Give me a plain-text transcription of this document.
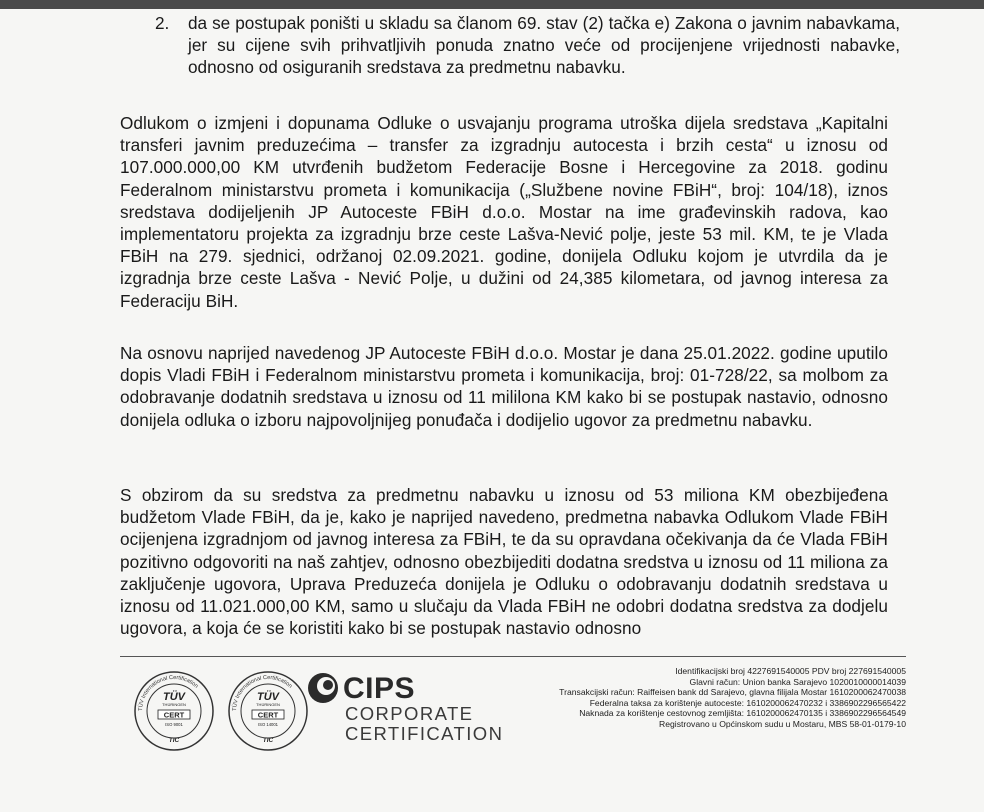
2. da se postupak poništi u skladu sa članom 69. stav (2) tačka e) Zakona o javnim nabavkama, jer su cijene svih prihvatljivih ponuda znatno veće od procijenjene vrijednosti nabavke, odnosno od osiguranih sredstava za predmetnu nabavku.

Odlukom o izmjeni i dopunama Odluke o usvajanju programa utroška dijela sredstava „Kapitalni transferi javnim preduzećima – transfer za izgradnju autocesta i brzih cesta“ u iznosu od 107.000.000,00 KM utvrđenih budžetom Federacije Bosne i Hercegovine za 2018. godinu Federalnom ministarstvu prometa i komunikacija („Službene novine FBiH“, broj: 104/18), iznos sredstava dodijeljenih JP Autoceste FBiH d.o.o. Mostar na ime građevinskih radova, kao implementatoru projekta za izgradnju brze ceste Lašva-Nević polje, jeste 53 mil. KM, te je Vlada FBiH na 279. sjednici, održanoj 02.09.2021. godine, donijela Odluku kojom je utvrdila da je izgradnja brze ceste Lašva - Nević Polje, u dužini od 24,385 kilometara, od javnog interesa za Federaciju BiH.

Na osnovu naprijed navedenog JP Autoceste FBiH d.o.o. Mostar je dana 25.01.2022. godine uputilo dopis Vladi FBiH i Federalnom ministarstvu prometa i komunikacija, broj: 01-728/22, sa molbom za odobravanje dodatnih sredstava u iznosu od 11 mililona KM kako bi se postupak nastavio, odnosno donijela odluka o izboru najpovoljnijeg ponuđača i dodijelio ugovor za predmetnu nabavku.

S obzirom da su sredstva za predmetnu nabavku u iznosu od 53 miliona KM obezbijeđena budžetom Vlade FBiH, da je, kako je naprijed navedeno, predmetna nabavka Odlukom Vlade FBiH ocijenjena izgradnjom od javnog interesa za FBiH, te da su opravdana očekivanja da će Vlada FBiH pozitivno odgovoriti na naš zahtjev, odnosno obezbijediti dodatna sredstva u iznosu od 11 miliona za zaključenje ugovora, Uprava Preduzeća donijela je Odluku o odobravanju dodatnih sredstava u iznosu od 11.021.000,00 KM, samo u slučaju da Vlada FBiH ne odobri dodatna sredstva za dodjelu ugovora, a koja će se koristiti kako bi se postupak nastavio odnosno

TÜV International Certification
TÜV
THÜRINGEN
CERT
ISO 9001
TIC
TÜV International Certification
TÜV
THÜRINGEN
CERT
ISO 14001
TIC
CIPS
CORPORATE
CERTIFICATION
Identifikacijski broj 4227691540005 PDV broj 227691540005
Glavni račun: Union banka Sarajevo 1020010000014039
Transakcijski račun: Raiffeisen bank dd Sarajevo, glavna filijala Mostar 1610200062470038
Federalna taksa za korištenje autoceste: 1610200062470232 i 3386902296565422
Naknada za korištenje cestovnog zemljišta: 1610200062470135 i 3386902296564549
Registrovano u Općinskom sudu u Mostaru, MBS 58-01-0179-10
